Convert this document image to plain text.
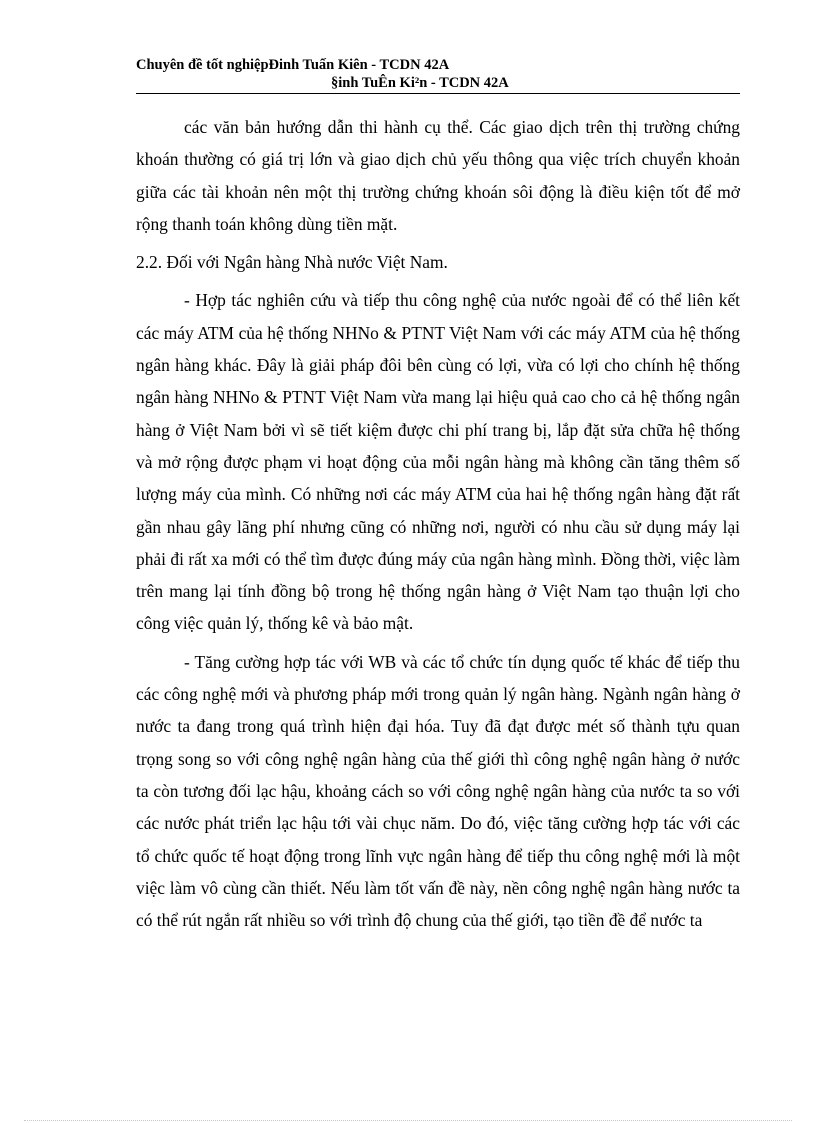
Chuyên đề tốt nghiệpĐinh Tuấn Kiên - TCDN 42A
§inh TuÊn Ki²n - TCDN 42A

các văn bản hướng dẫn thi hành cụ thể. Các giao dịch trên thị trường chứng khoán thường có giá trị lớn và giao dịch chủ yếu thông qua việc trích chuyển khoản giữa các tài khoản nên một thị trường chứng khoán sôi động là điều kiện tốt để mở rộng thanh toán không dùng tiền mặt.

2.2. Đối với Ngân hàng Nhà nước Việt Nam.

- Hợp tác nghiên cứu và tiếp thu công nghệ của nước ngoài để có thể liên kết các máy ATM của hệ thống NHNo & PTNT Việt Nam với các máy ATM của hệ thống ngân hàng khác. Đây là giải pháp đôi bên cùng có lợi, vừa có lợi cho chính hệ thống ngân hàng NHNo & PTNT Việt Nam vừa mang lại hiệu quả cao cho cả hệ thống ngân hàng ở Việt Nam bởi vì sẽ tiết kiệm được chi phí trang bị, lắp đặt sửa chữa hệ thống và mở rộng được phạm vi hoạt động của mỗi ngân hàng mà không cần tăng thêm số lượng máy của mình. Có những nơi các máy ATM của hai hệ thống ngân hàng đặt rất gần nhau gây lãng phí nhưng cũng có những nơi, người có nhu cầu sử dụng máy lại phải đi rất xa mới có thể tìm được đúng máy của ngân hàng mình. Đồng thời, việc làm trên mang lại tính đồng bộ trong hệ thống ngân hàng ở Việt Nam tạo thuận lợi cho công việc quản lý, thống kê và bảo mật.

- Tăng cường hợp tác với WB và các tổ chức tín dụng quốc tế khác để tiếp thu các công nghệ mới và phương pháp mới trong quản lý ngân hàng. Ngành ngân hàng ở nước ta đang trong quá trình hiện đại hóa. Tuy đã đạt được mét số thành tựu quan trọng song so với công nghệ ngân hàng của thế giới thì công nghệ ngân hàng ở nước ta còn tương đối lạc hậu, khoảng cách so với công nghệ ngân hàng của nước ta so với các nước phát triển lạc hậu tới vài chục năm. Do đó, việc tăng cường hợp tác với các tổ chức quốc tế hoạt động trong lĩnh vực ngân hàng để tiếp thu công nghệ mới là một việc làm vô cùng cần thiết. Nếu làm tốt vấn đề này, nền công nghệ ngân hàng nước ta có thể rút ngắn rất nhiều so với trình độ chung của thế giới, tạo tiền đề để nước ta
